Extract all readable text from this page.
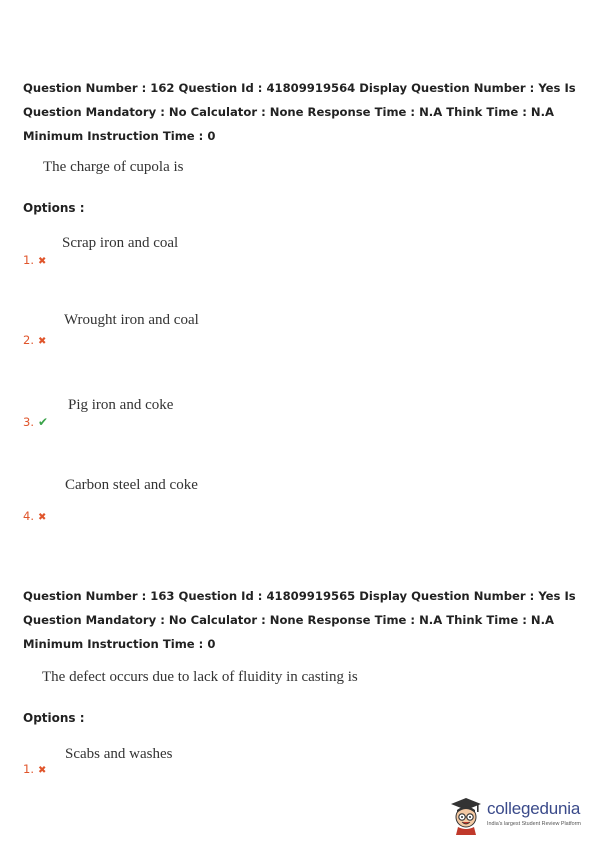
Question Number : 162 Question Id : 41809919564 Display Question Number : Yes Is Question Mandatory : No Calculator : None Response Time : N.A Think Time : N.A Minimum Instruction Time : 0
The charge of cupola is
Options :
Scrap iron and coal
1. ✖
Wrought iron and coal
2. ✖
Pig iron and coke
3. ✔
Carbon steel and coke
4. ✖
Question Number : 163 Question Id : 41809919565 Display Question Number : Yes Is Question Mandatory : No Calculator : None Response Time : N.A Think Time : N.A Minimum Instruction Time : 0
The defect occurs due to lack of fluidity in casting is
Options :
Scabs and washes
1. ✖
collegedunia
India's largest Student Review Platform
